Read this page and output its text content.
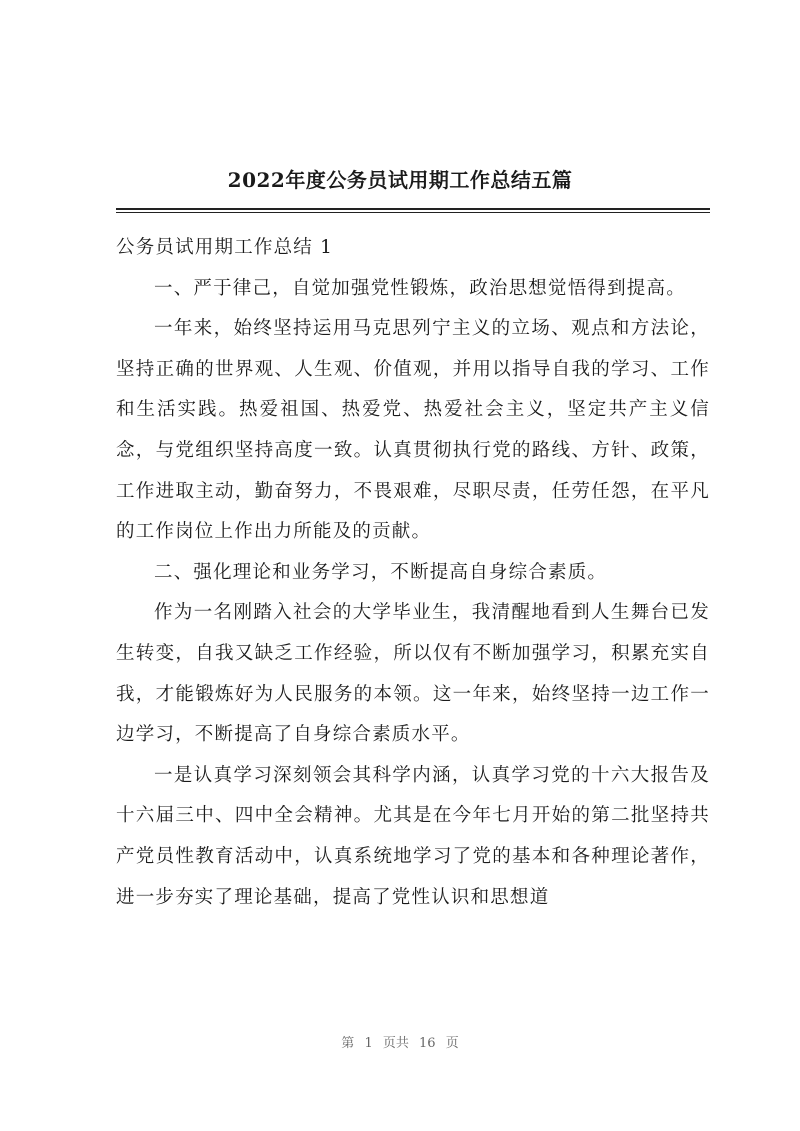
2022年度公务员试用期工作总结五篇

公务员试用期工作总结 1

一、严于律己，自觉加强党性锻炼，政治思想觉悟得到提高。

一年来，始终坚持运用马克思列宁主义的立场、观点和方法论，坚持正确的世界观、人生观、价值观，并用以指导自我的学习、工作和生活实践。热爱祖国、热爱党、热爱社会主义，坚定共产主义信念，与党组织坚持高度一致。认真贯彻执行党的路线、方针、政策，工作进取主动，勤奋努力，不畏艰难，尽职尽责，任劳任怨，在平凡的工作岗位上作出力所能及的贡献。

二、强化理论和业务学习，不断提高自身综合素质。

作为一名刚踏入社会的大学毕业生，我清醒地看到人生舞台已发生转变，自我又缺乏工作经验，所以仅有不断加强学习，积累充实自我，才能锻炼好为人民服务的本领。这一年来，始终坚持一边工作一边学习，不断提高了自身综合素质水平。

一是认真学习深刻领会其科学内涵，认真学习党的十六大报告及十六届三中、四中全会精神。尤其是在今年七月开始的第二批坚持共产党员性教育活动中，认真系统地学习了党的基本和各种理论著作，进一步夯实了理论基础，提高了党性认识和思想道

第 1 页共 16 页
